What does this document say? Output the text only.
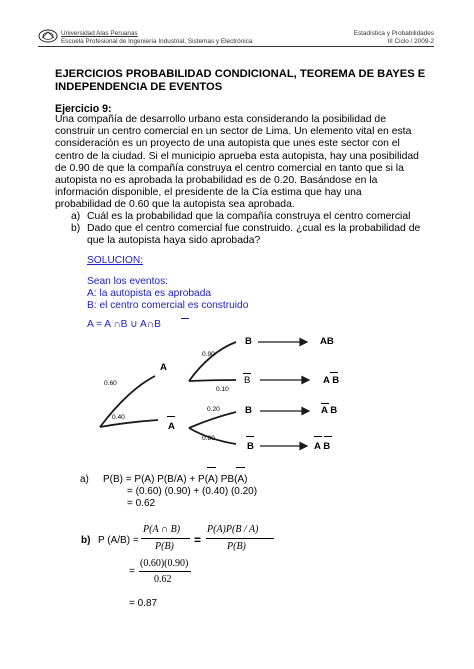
Universidad Alas Peruanas
Escuela Profesional de Ingeniería Industrial, Sistemas y Electrónica
Estadística y Probabilidades
III Ciclo / 2009-2
EJERCICIOS PROBABILIDAD CONDICIONAL, TEOREMA DE BAYES E
INDEPENDENCIA DE EVENTOS
Ejercicio 9:
Una compañía de desarrollo urbano esta considerando la posibilidad de
construir un centro comercial en un sector de Lima. Un elemento vital en esta
consideración es un proyecto de una autopista que unes este sector con el
centro de la ciudad. Si el municipio aprueba esta autopista, hay una posibilidad
de 0.90 de que la compañía construya el centro comercial en tanto que si la
autopista no es aprobada la probabilidad es de 0.20. Basándose en la
información disponible, el presidente de la Cía estima que hay una
probabilidad de 0.60 que la autopista sea aprobada.
a) Cuál es la probabilidad que la compañía construya el centro comercial
b) Dado que el centro comercial fue construido. ¿cual es la probabilidad de
que la autopista haya sido aprobada?
SOLUCION:
Sean los eventos:
A: la autopista es aprobada
B: el centro comercial es construido
A = A ∩B ∪ A∩B
0.60
0.40
A
A
0.90
0.10
0.20
0.80
B
B
B
B
AB
A B
A B
A B
a) P(B) = P(A) P(B/A) + P(A) PB(A)
= (0.60) (0.90) + (0.40) (0.20)
= 0.62
b) P (A/B) =
P(A ∩ B)
P(B) =
P(A)P(B / A)
P(B)
=
(0.60)(0.90)
0.62
= 0.87
